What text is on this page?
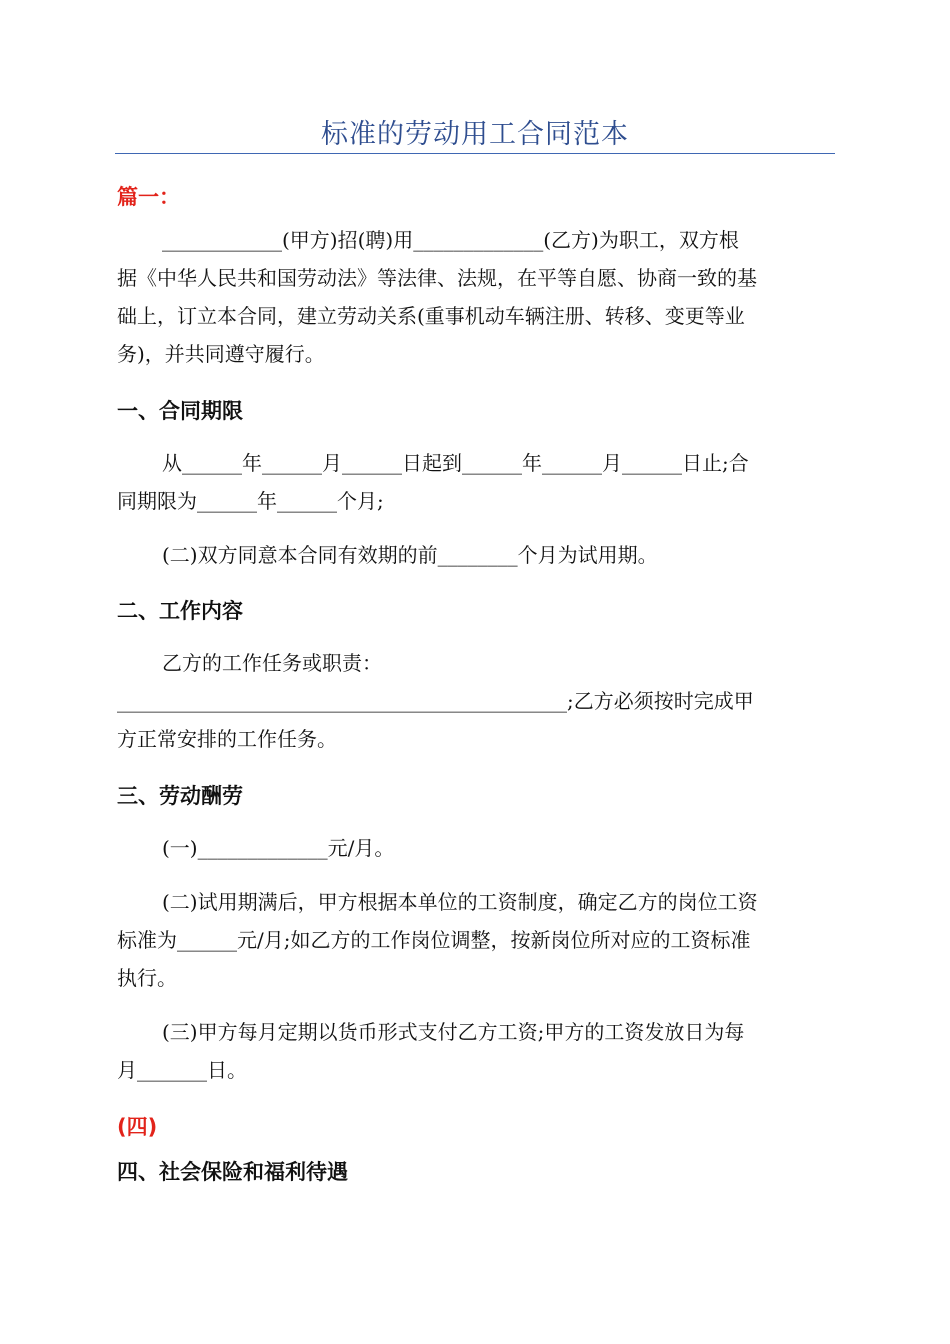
标准的劳动用工合同范本
篇一：
____________(甲方)招(聘)用_____________(乙方)为职工，双方根
据《中华人民共和国劳动法》等法律、法规，在平等自愿、协商一致的基
础上，订立本合同，建立劳动关系(重事机动车辆注册、转移、变更等业
务)，并共同遵守履行。
一、合同期限
从______年______月______日起到______年______月______日止;合
同期限为______年______个月;
(二)双方同意本合同有效期的前________个月为试用期。
二、工作内容
乙方的工作任务或职责：
_____________________________________________;乙方必须按时完成甲
方正常安排的工作任务。
三、劳动酬劳
(一)_____________元/月。
(二)试用期满后，甲方根据本单位的工资制度，确定乙方的岗位工资
标准为______元/月;如乙方的工作岗位调整，按新岗位所对应的工资标准
执行。
(三)甲方每月定期以货币形式支付乙方工资;甲方的工资发放日为每
月_______日。
(四)
四、社会保险和福利待遇
